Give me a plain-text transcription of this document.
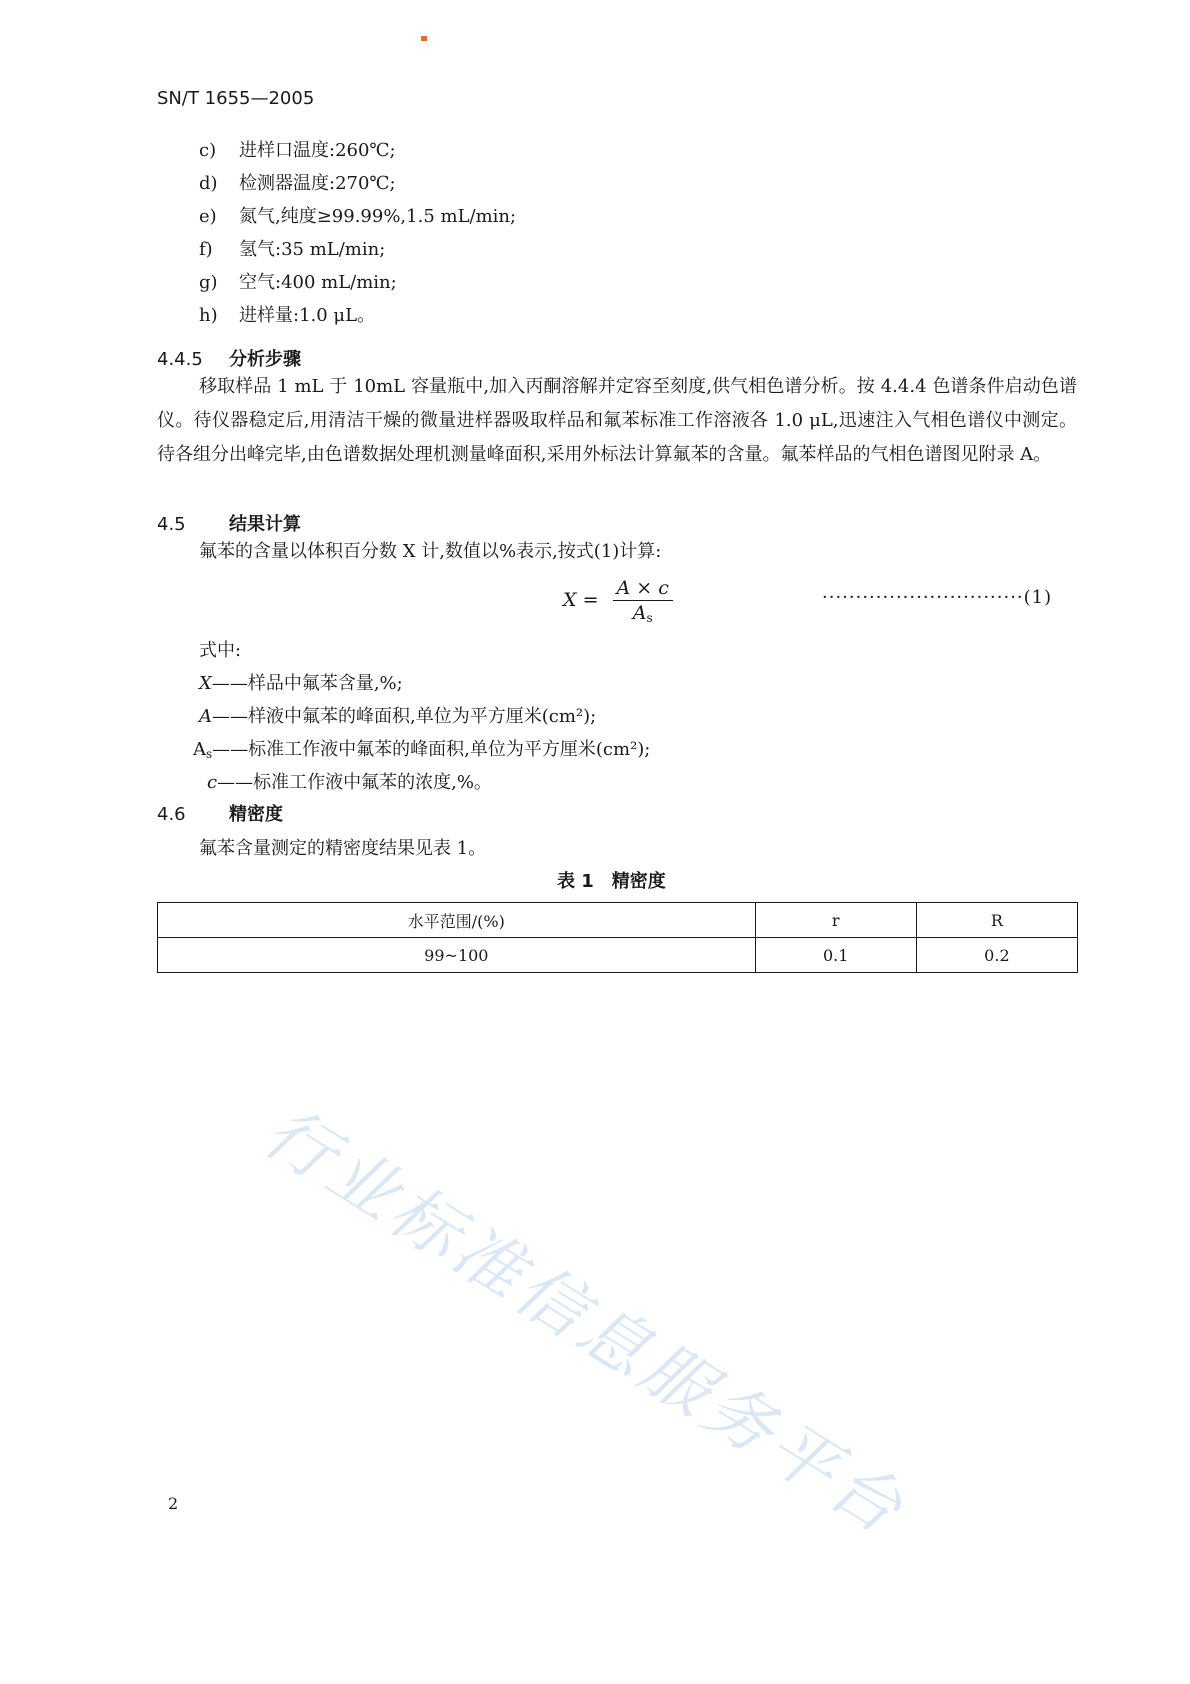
SN/T 1655—2005
c) 进样口温度:260℃;
d) 检测器温度:270℃;
e) 氮气,纯度≥99.99%,1.5 mL/min;
f) 氢气:35 mL/min;
g) 空气:400 mL/min;
h) 进样量:1.0 μL。
4.4.5 分析步骤
移取样品 1 mL 于 10mL 容量瓶中,加入丙酮溶解并定容至刻度,供气相色谱分析。按 4.4.4 色谱条件启动色谱仪。待仪器稳定后,用清洁干燥的微量进样器吸取样品和氟苯标准工作溶液各 1.0 μL,迅速注入气相色谱仪中测定。待各组分出峰完毕,由色谱数据处理机测量峰面积,采用外标法计算氟苯的含量。氟苯样品的气相色谱图见附录 A。
4.5 结果计算
氟苯的含量以体积百分数 X 计,数值以%表示,按式(1)计算:
$X = \frac{A \times c}{A_s}$	······························(1)
式中:
X——样品中氟苯含量,%;
A——样液中氟苯的峰面积,单位为平方厘米(cm²);
$A_s——$标准工作液中氟苯的峰面积,单位为平方厘米(cm²);
c——标准工作液中氟苯的浓度,%。
4.6 精密度
氟苯含量测定的精密度结果见表 1。
表 1　精密度
水平范围/(%)	r	R
99~100	0.1	0.2
行业标准信息服务平台
2
